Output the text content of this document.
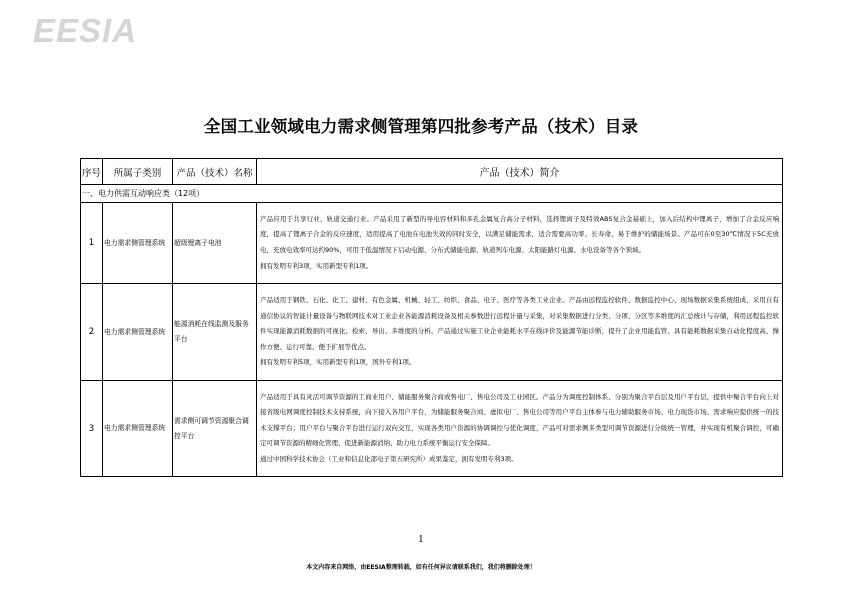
EESIA
全国工业领域电力需求侧管理第四批参考产品（技术）目录
序号	所属子类别	产品（技术）名称	产品（技术）简介
一、电力供需互动响应类（12项）			
1	电力需求侧管理系统	超级锂离子电池	产品应用于共享行业、轨道交通行业。产品采用了新型的导电容材料和多孔金属复合高分子材料，选择锂离子及特效ABS复合金基础上，加入后结构中锂离子，增加了合金反应响度，提高了锂离子合金的反应速度，适用提高了电池在电池失效的同时安全，以满足储能需求，适合需要高功率、长寿命、易于维护的储能场景。产品可在0至30℃情况下5C充放电，充放电效率可达约90%，可用于低温情况下启动电源、分布式储能电源、轨道列车电源、太阳能路灯电源、水电设备等各个领域。

拥有发明专利3项，实用新型专利1项。

2	电力需求侧管理系统	能源消耗在线监测及服务平台	产品适用于钢铁、石化、化工、建材、有色金属、机械、轻工、纺织、食品、电子、医疗等各类工业企业。产品由远程监控软件、数据监控中心、现场数据采集系统组成，采用自有通信协议的智能计量设备与物联网技术对工业企业各能源消耗设备及相关参数进行远程计量与采集，对采集数据进行分类、分项、分区等多维度的汇总统计与存储，利用远程监控软件实现能源消耗数据的可视化、检索、导出、多维度的分析。产品通过实施工业企业能耗水平在线评价及能源节能诊断，提升了企业用能监管、具有能耗数据采集自动化程度高、操作方便、运行可靠、便于扩展等优点。

拥有发明专利5项，实用新型专利1项，国外专利1项。

3	电力需求侧管理系统	需求侧可调节资源聚合调控平台	产品适用于具有灵活可调节资源的工商业用户、储能服务聚合商或售电厂、售电公司及工业园区。产品分为调度控制体系、分别为聚合平台层及用户平台层，提供中聚合平台向上对接省级电网调度控制技术支持系统，向下接入各用户平台，为储能服务聚合商、虚拟电厂、售电公司等用户平台主体参与电力辅助服务市场、电力现货市场、需求响应提供统一的技术支撑平台；用户平台与聚合平台进行运行双向交互，实现各类用户资源的协调调控与优化调度，产品可对需求侧多类型可调节资源进行分级统一管理，并实现有机聚合调控，可确定可调节资源的精细化管理、促进新能源消纳、助力电力系统平衡运行安全保障。

通过中国科学技术协会（工业和信息化部电子第五研究所）成果鉴定，拥有发明专利3项。

1
本文内容来自网络，由EESIA整理转载，如有任何异议请联系我们，我们将删除处理！
